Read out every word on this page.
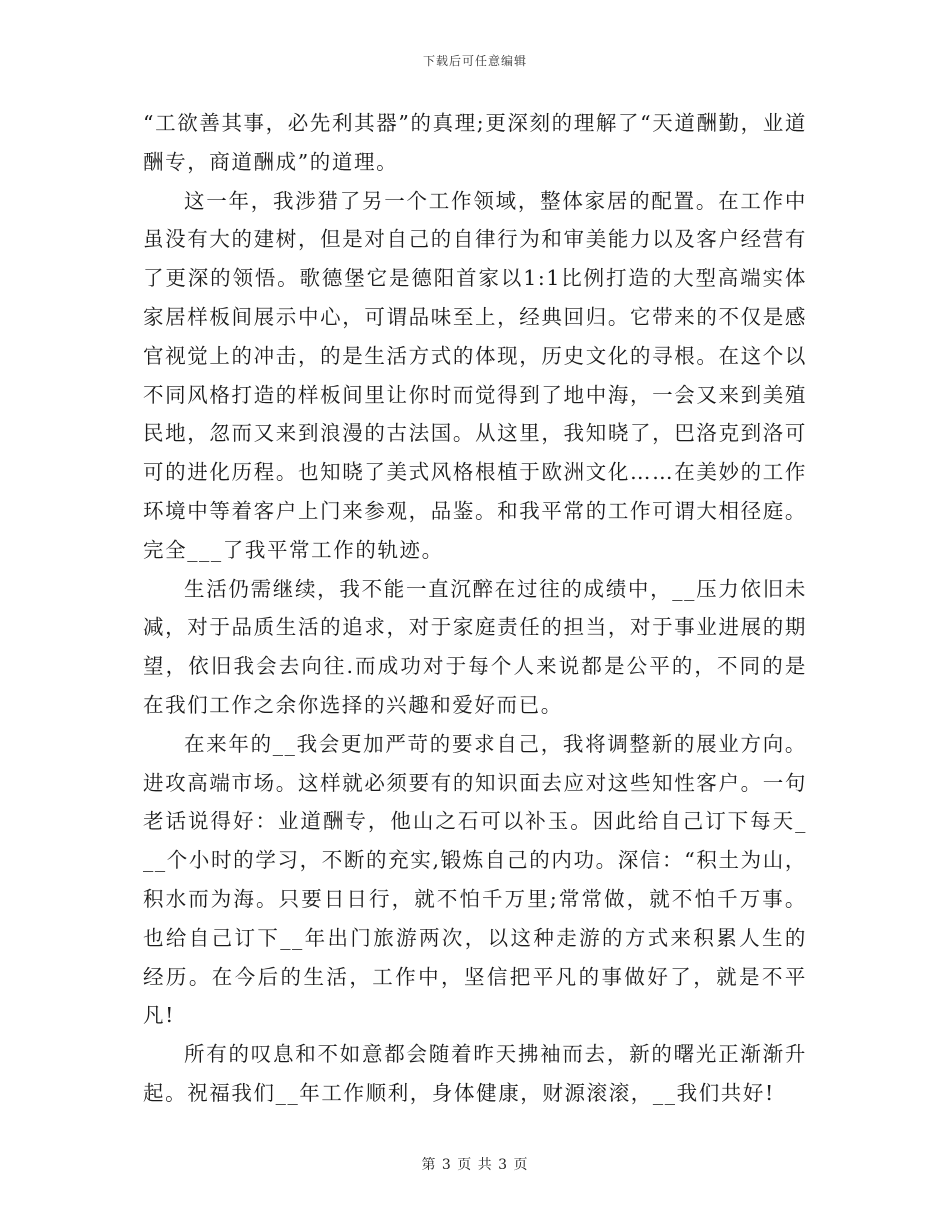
下载后可任意编辑

“工欲善其事，必先利其器”的真理;更深刻的理解了“天道酬勤，业道酬专，商道酬成”的道理。

这一年，我涉猎了另一个工作领域，整体家居的配置。在工作中虽没有大的建树，但是对自己的自律行为和审美能力以及客户经营有了更深的领悟。歌德堡它是德阳首家以1:1比例打造的大型高端实体家居样板间展示中心，可谓品味至上，经典回归。它带来的不仅是感官视觉上的冲击，的是生活方式的体现，历史文化的寻根。在这个以不同风格打造的样板间里让你时而觉得到了地中海，一会又来到美殖民地，忽而又来到浪漫的古法国。从这里，我知晓了，巴洛克到洛可可的进化历程。也知晓了美式风格根植于欧洲文化……在美妙的工作环境中等着客户上门来参观，品鉴。和我平常的工作可谓大相径庭。完全___了我平常工作的轨迹。

生活仍需继续，我不能一直沉醉在过往的成绩中，__压力依旧未减，对于品质生活的追求，对于家庭责任的担当，对于事业进展的期望，依旧我会去向往.而成功对于每个人来说都是公平的，不同的是在我们工作之余你选择的兴趣和爱好而已。

在来年的__我会更加严苛的要求自己，我将调整新的展业方向。进攻高端市场。这样就必须要有的知识面去应对这些知性客户。一句老话说得好：业道酬专，他山之石可以补玉。因此给自己订下每天___个小时的学习，不断的充实,锻炼自己的内功。深信：“积土为山，积水而为海。只要日日行，就不怕千万里;常常做，就不怕千万事。也给自己订下__年出门旅游两次，以这种走游的方式来积累人生的经历。在今后的生活，工作中，坚信把平凡的事做好了，就是不平凡!

所有的叹息和不如意都会随着昨天拂袖而去，新的曙光正渐渐升起。祝福我们__年工作顺利，身体健康，财源滚滚，__我们共好!

第 3 页 共 3 页
